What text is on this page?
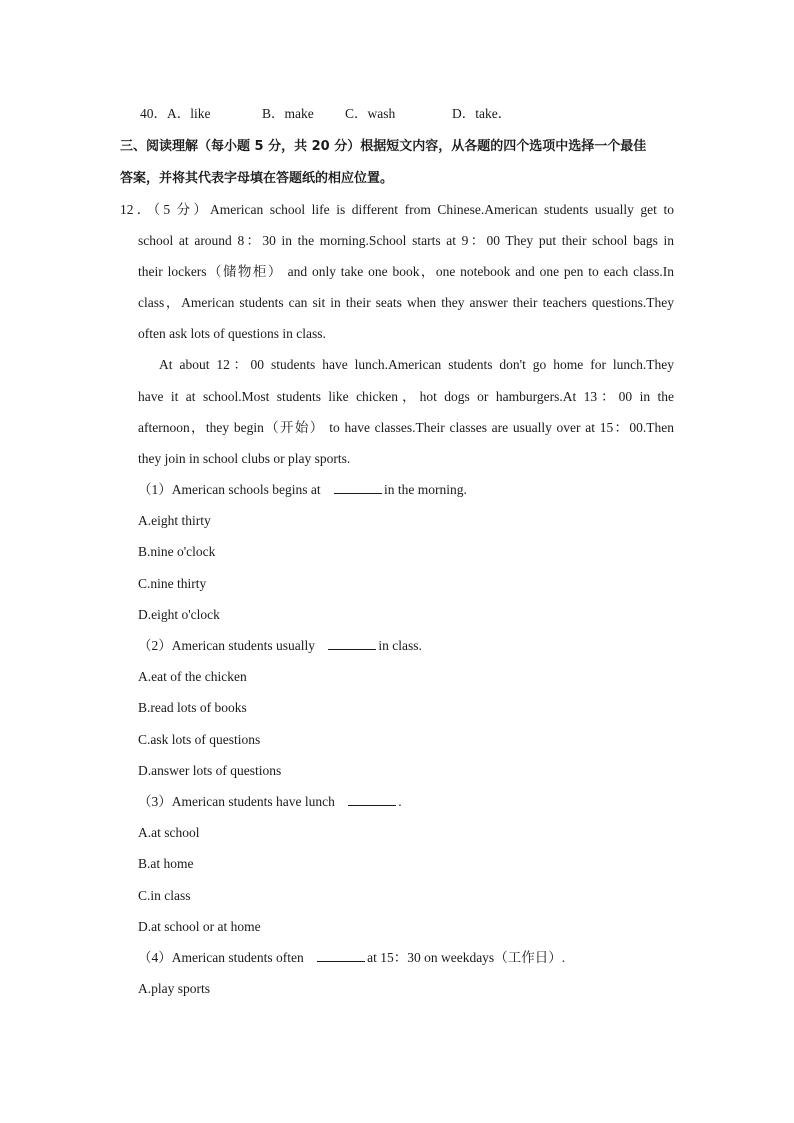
40．A．like	B．make C．wash	D．take．
三、阅读理解（每小题 5 分，共 20 分）根据短文内容，从各题的四个选项中选择一个最佳
答案，并将其代表字母填在答题纸的相应位置。
12．（5 分）American school life is different from Chinese.American students usually get to
school at around 8：30 in the morning.School starts at 9：00 They put their school bags in
their lockers（储物柜） and only take one book，one notebook and one pen to each class.In
class，American students can sit in their seats when they answer their teachers questions.They
often ask lots of questions in class.
At about 12：00 students have lunch.American students don't go home for lunch.They
have it at school.Most students like chicken，hot dogs or hamburgers.At 13：00 in the
afternoon，they begin（开始） to have classes.Their classes are usually over at 15：00.Then
they join in school clubs or play sports.
（1）American schools begins at	in the morning.
A.eight thirty
B.nine o'clock
C.nine thirty
D.eight o'clock
（2）American students usually	in class.
A.eat of the chicken
B.read lots of books
C.ask lots of questions
D.answer lots of questions
（3）American students have lunch	.
A.at school
B.at home
C.in class
D.at school or at home
（4）American students often	at 15：30 on weekdays（工作日）.
A.play sports
